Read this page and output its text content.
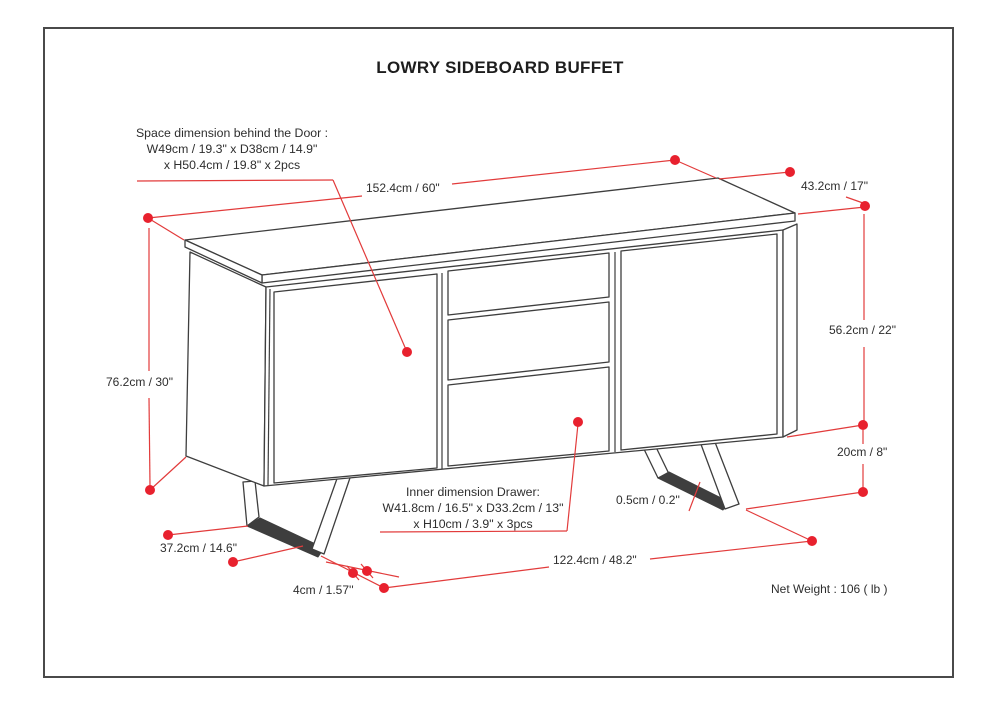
LOWRY SIDEBOARD BUFFET
Space dimension behind the Door :
W49cm / 19.3" x D38cm / 14.9"
x H50.4cm / 19.8" x 2pcs
Inner dimension Drawer:
W41.8cm / 16.5" x D33.2cm / 13"
x H10cm / 3.9" x 3pcs
152.4cm / 60"	43.2cm / 17"
76.2cm / 30"
56.2cm / 22"
20cm / 8"
37.2cm / 14.6"
4cm / 1.57''
122.4cm / 48.2"
0.5cm / 0.2''
Net Weight : 106 ( lb )
